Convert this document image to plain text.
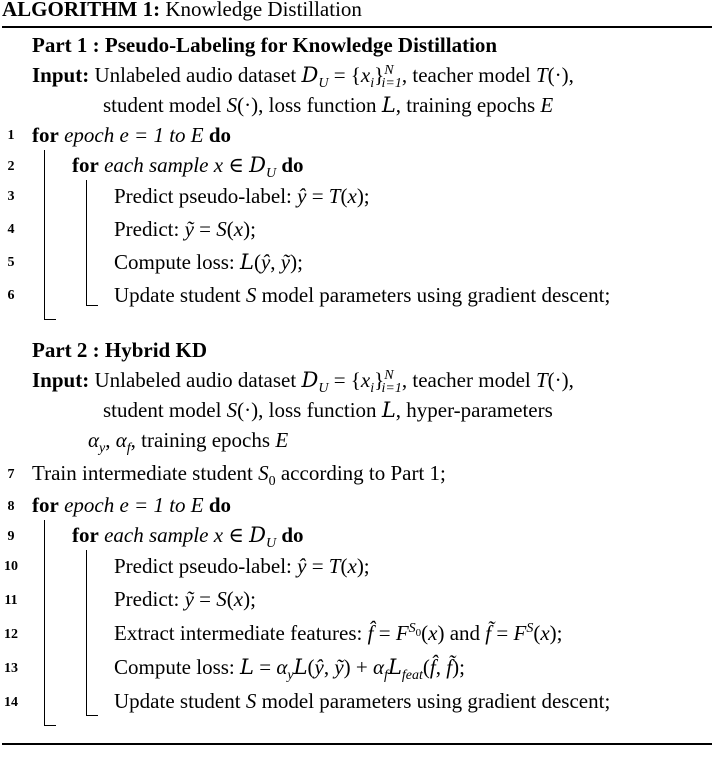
ALGORITHM 1: Knowledge Distillation
Part 1 : Pseudo-Labeling for Knowledge Distillation
Input: Unlabeled audio dataset $D_U = \{x_i\}^N_{i=1}$, teacher model T(·),
student model S(·), loss function L, training epochs E
1 for epoch e = 1 to E do
2	for each sample x ∈ $D_U$ do
3	Predict pseudo-label: ŷ = T(x);
4	Predict: ỹ = S(x);
5	Compute loss: L(ŷ, ỹ);
6	Update student S model parameters using gradient descent;
Part 2 : Hybrid KD
Input: Unlabeled audio dataset $D_U = \{x_i\}^N_{i=1}$, teacher model T(·),
student model S(·), loss function L, hyper-parameters
$\alpha_y$, $\alpha_f$, training epochs E
7 Train intermediate student $S_0$ according to Part 1;
8 for epoch e = 1 to E do
9	for each sample x ∈ $D_U$ do
10	Predict pseudo-label: ŷ = T(x);
11	Predict: ỹ = S(x);
12	Extract intermediate features: f̂ = $F^{S_0}(x)$ and f̃ = $F^S(x)$;
13	Compute loss: $L = \alpha_yL(ŷ$, ỹ) + $\alpha_fL_{feat}(f̂$, f̃);
14	Update student S model parameters using gradient descent;
